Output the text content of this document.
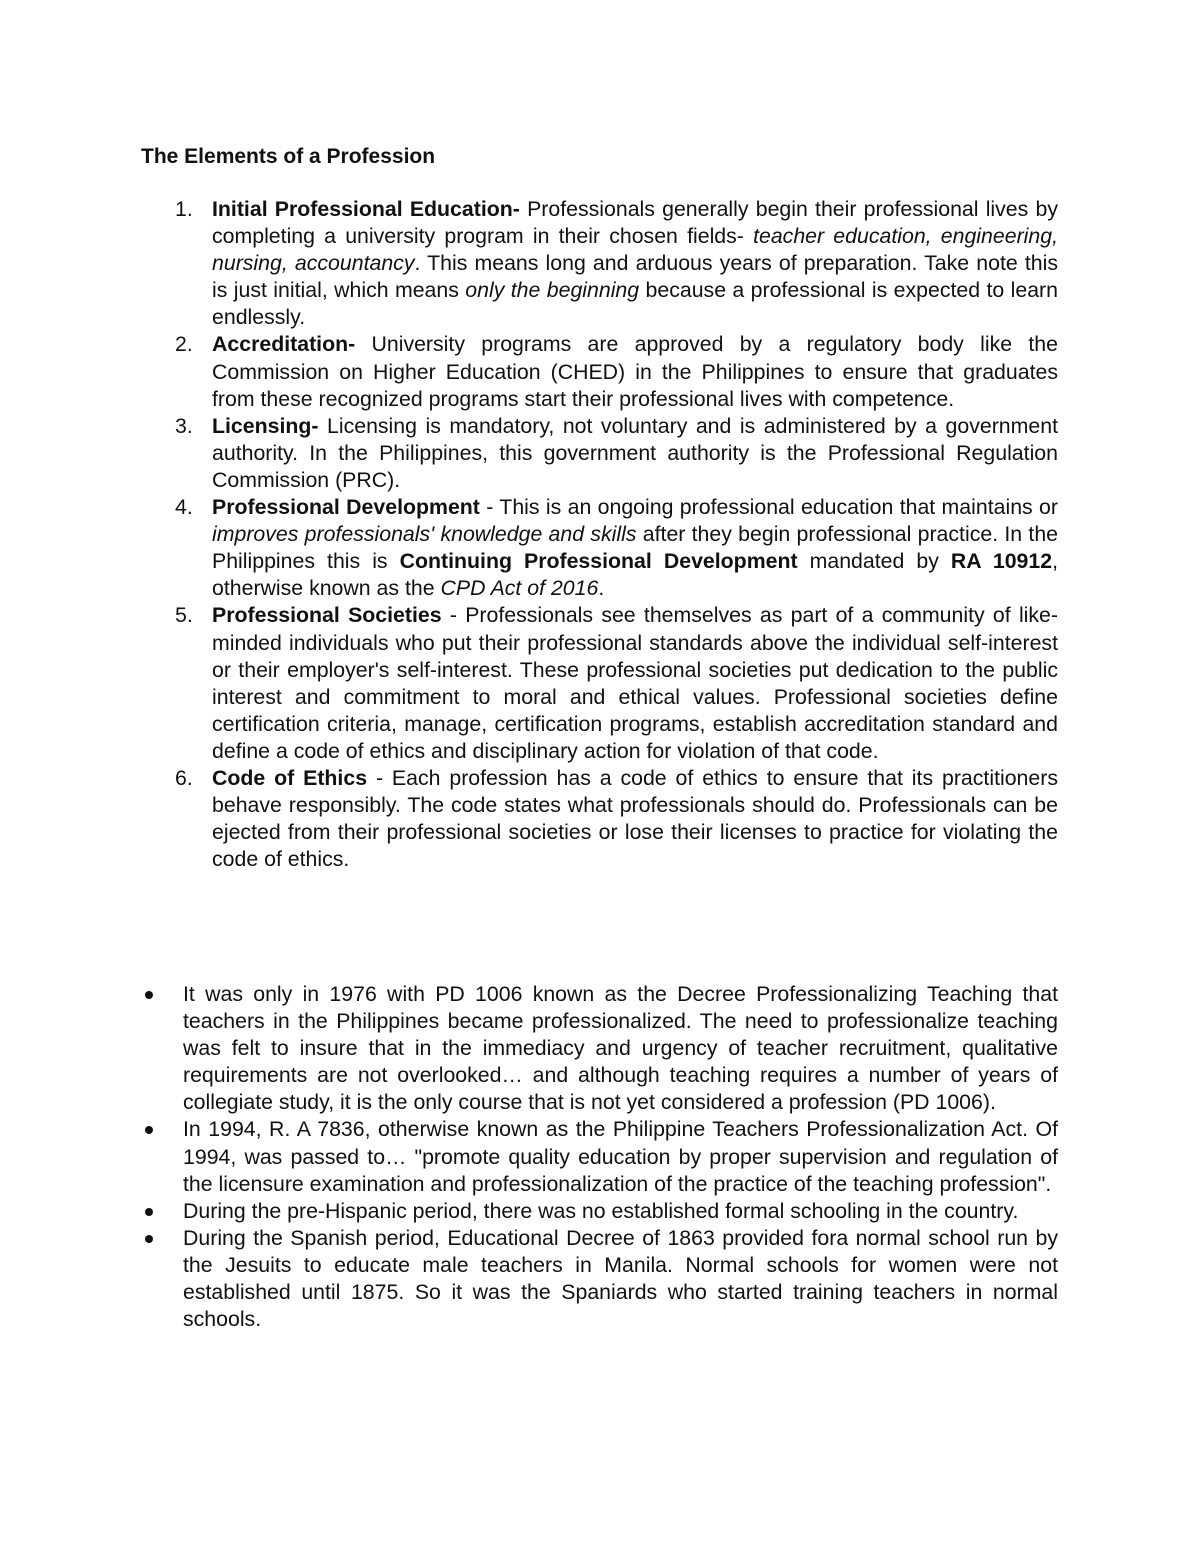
The Elements of a Profession
1. Initial Professional Education- Professionals generally begin their professional lives by completing a university program in their chosen fields- teacher education, engineering, nursing, accountancy. This means long and arduous years of preparation. Take note this is just initial, which means only the beginning because a professional is expected to learn endlessly.
2. Accreditation- University programs are approved by a regulatory body like the Commission on Higher Education (CHED) in the Philippines to ensure that graduates from these recognized programs start their professional lives with competence.
3. Licensing- Licensing is mandatory, not voluntary and is administered by a government authority. In the Philippines, this government authority is the Professional Regulation Commission (PRC).
4. Professional Development - This is an ongoing professional education that maintains or improves professionals' knowledge and skills after they begin professional practice. In the Philippines this is Continuing Professional Development mandated by RA 10912, otherwise known as the CPD Act of 2016.
5. Professional Societies - Professionals see themselves as part of a community of like-minded individuals who put their professional standards above the individual self-interest or their employer's self-interest. These professional societies put dedication to the public interest and commitment to moral and ethical values. Professional societies define certification criteria, manage, certification programs, establish accreditation standard and define a code of ethics and disciplinary action for violation of that code.
6. Code of Ethics - Each profession has a code of ethics to ensure that its practitioners behave responsibly. The code states what professionals should do. Professionals can be ejected from their professional societies or lose their licenses to practice for violating the code of ethics.
It was only in 1976 with PD 1006 known as the Decree Professionalizing Teaching that teachers in the Philippines became professionalized. The need to professionalize teaching was felt to insure that in the immediacy and urgency of teacher recruitment, qualitative requirements are not overlooked… and although teaching requires a number of years of collegiate study, it is the only course that is not yet considered a profession (PD 1006).
In 1994, R. A 7836, otherwise known as the Philippine Teachers Professionalization Act. Of 1994, was passed to… "promote quality education by proper supervision and regulation of the licensure examination and professionalization of the practice of the teaching profession".
During the pre-Hispanic period, there was no established formal schooling in the country.
During the Spanish period, Educational Decree of 1863 provided fora normal school run by the Jesuits to educate male teachers in Manila. Normal schools for women were not established until 1875. So it was the Spaniards who started training teachers in normal schools.
